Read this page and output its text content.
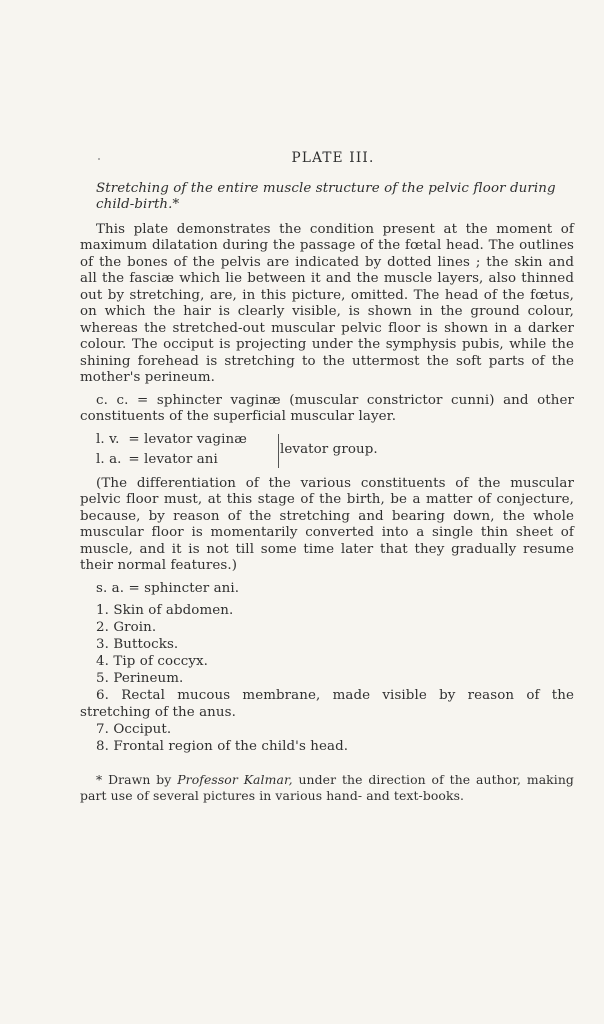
PLATE III.

Stretching of the entire muscle structure of the pelvic floor during child-birth.*

This plate demonstrates the condition present at the moment of maximum dilatation during the passage of the fœtal head. The outlines of the bones of the pelvis are indicated by dotted lines ; the skin and all the fasciæ which lie between it and the muscle layers, also thinned out by stretching, are, in this picture, omitted. The head of the fœtus, on which the hair is clearly visible, is shown in the ground colour, whereas the stretched-out muscular pelvic floor is shown in a darker colour. The occiput is projecting under the symphysis pubis, while the shining forehead is stretching to the uttermost the soft parts of the mother's perineum.

c. c. = sphincter vaginæ (muscular constrictor cunni) and other constituents of the superficial muscular layer.

l. v. = levator vaginæ
l. a. = levator ani
levator group.

(The differentiation of the various constituents of the muscular pelvic floor must, at this stage of the birth, be a matter of conjecture, because, by reason of the stretching and bearing down, the whole muscular floor is momentarily converted into a single thin sheet of muscle, and it is not till some time later that they gradually resume their normal features.)

s. a. = sphincter ani.

1. Skin of abdomen.
2. Groin.
3. Buttocks.
4. Tip of coccyx.
5. Perineum.
6. Rectal mucous membrane, made visible by reason of the stretching of the anus.
7. Occiput.
8. Frontal region of the child's head.

* Drawn by Professor Kalmar, under the direction of the author, making part use of several pictures in various hand- and text-books.
